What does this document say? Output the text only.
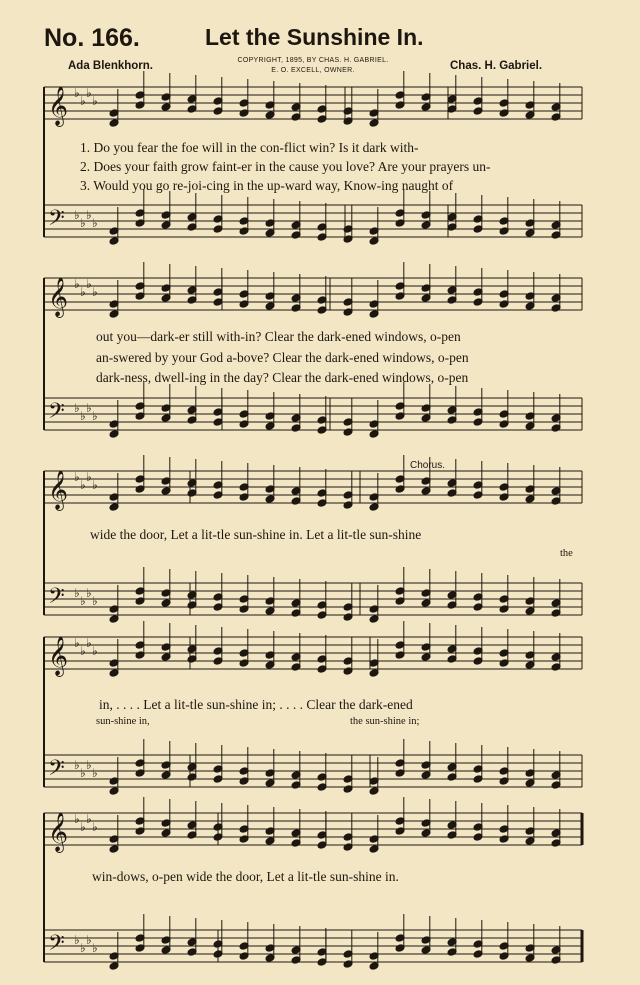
No. 166.	Let the Sunshine In.
Ada Blenkhorn.	COPYRIGHT, 1895, BY CHAS. H. GABRIEL.
E. O. EXCELL, OWNER.	Chas. H. Gabriel.
𝄞 ♭
♭
♭
♭
𝄢 ♭
♭
♭
♭
𝄞 ♭
♭
♭
♭
𝄢 ♭
♭
♭
♭
𝄞 ♭
♭
♭
♭
𝄢 ♭
♭
♭
♭
𝄞 ♭
♭
♭
♭
𝄢 ♭
♭
♭
♭
𝄞 ♭
♭
♭
♭
𝄢 ♭
♭
♭
♭
1. Do you fear the foe will in the con-flict win? Is it dark with-
2. Does your faith grow faint-er in the cause you love? Are your prayers un-
3. Would you go re-joi-cing in the up-ward way, Know-ing naught of
out you—dark-er still with-in? Clear the dark-ened windows, o-pen
an-swered by your God a-bove? Clear the dark-ened windows, o-pen
dark-ness, dwell-ing in the day? Clear the dark-ened windows, o-pen
Chorus.
wide the door, Let a lit-tle sun-shine in. Let a lit-tle sun-shine
the
in, . . . . Let a lit-tle sun-shine in; . . . . Clear the dark-ened
sun-shine in,	the sun-shine in;
win-dows, o-pen wide the door, Let a lit-tle sun-shine in.
